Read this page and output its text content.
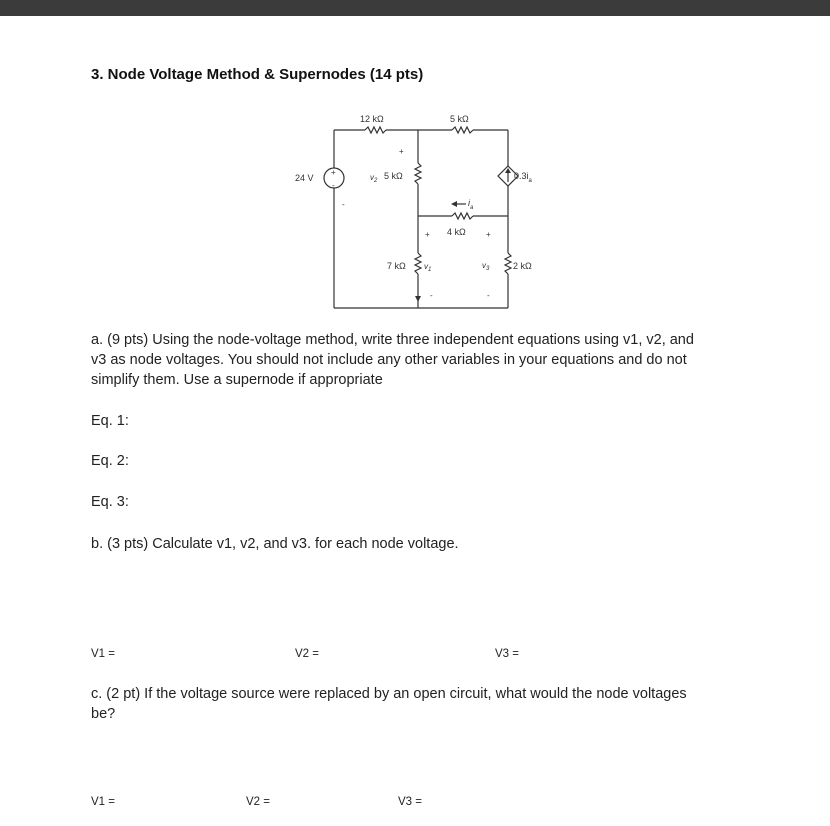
3. Node Voltage Method & Supernodes (14 pts)
12 kΩ	5 kΩ
24 V
+
-
-
+
$v_2$ 5 kΩ	$0.3i_a$
$i_a$
+ 4 kΩ	+
7 kΩ $v_1$	$v_3$	2 kΩ
-	-
a. (9 pts) Using the node-voltage method, write three independent equations using v1, v2, and
v3 as node voltages. You should not include any other variables in your equations and do not
simplify them. Use a supernode if appropriate
Eq. 1:
Eq. 2:
Eq. 3:
b. (3 pts) Calculate v1, v2, and v3. for each node voltage.
V1 =	V2 =	V3 =
c. (2 pt) If the voltage source were replaced by an open circuit, what would the node voltages
be?
V1 =	V2 =	V3 =
